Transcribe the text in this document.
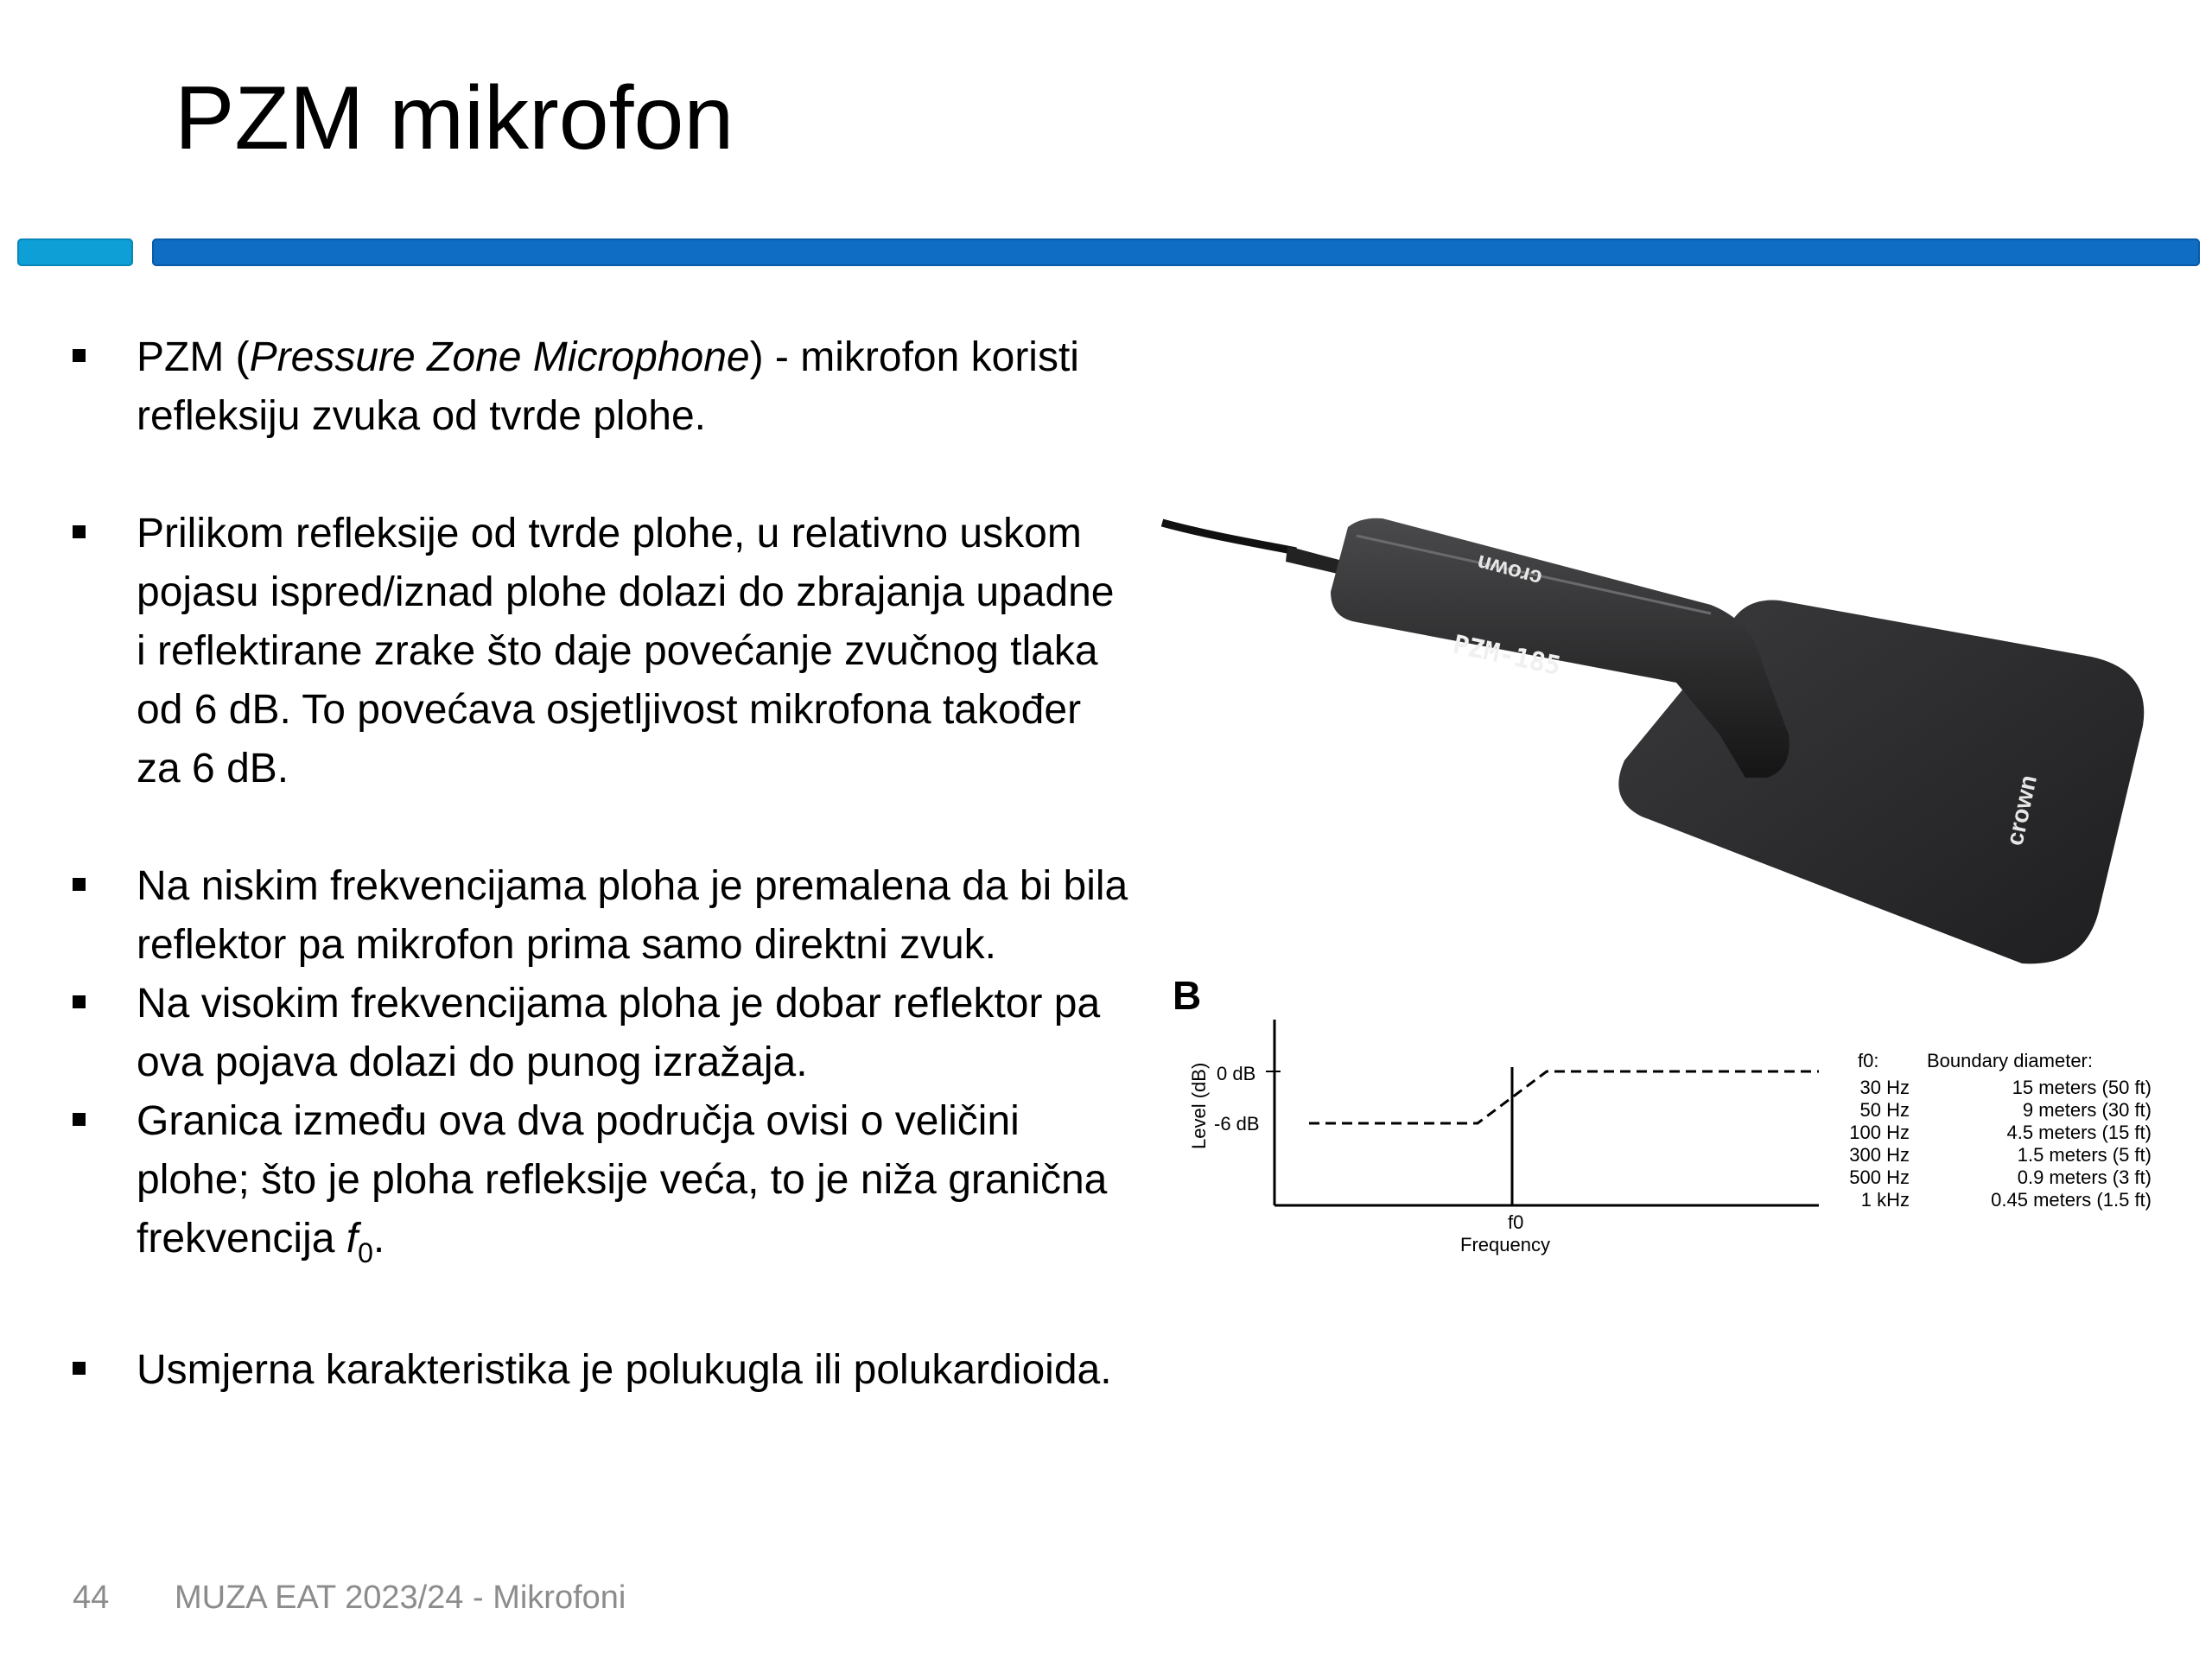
PZM mikrofon
PZM (Pressure Zone Microphone) - mikrofon koristi refleksiju zvuka od tvrde plohe.
Prilikom refleksije od tvrde plohe, u relativno uskom pojasu ispred/iznad plohe dolazi do zbrajanja upadne i reflektirane zrake što daje povećanje zvučnog tlaka od 6 dB. To povećava osjetljivost mikrofona također za 6 dB.
Na niskim frekvencijama ploha je premalena da bi bila reflektor pa mikrofon prima samo direktni zvuk.
Na visokim frekvencijama ploha je dobar reflektor pa ova pojava dolazi do punog izražaja.
Granica između ova dva područja ovisi o veličini plohe; što je ploha refleksije veća, to je niža granična frekvencija $f_0$.
Usmjerna karakteristika je polukugla ili polukardioida.
crown
PZM-185
crown
B
Level (dB) 0 dB
-6 dB
f0
Frequency
f0:	Boundary diameter:
30 Hz	15 meters (50 ft)
50 Hz	9 meters (30 ft)
100 Hz	4.5 meters (15 ft)
300 Hz	1.5 meters (5 ft)
500 Hz	0.9 meters (3 ft)
1 kHz	0.45 meters (1.5 ft)
44 MUZA EAT 2023/24 - Mikrofoni
